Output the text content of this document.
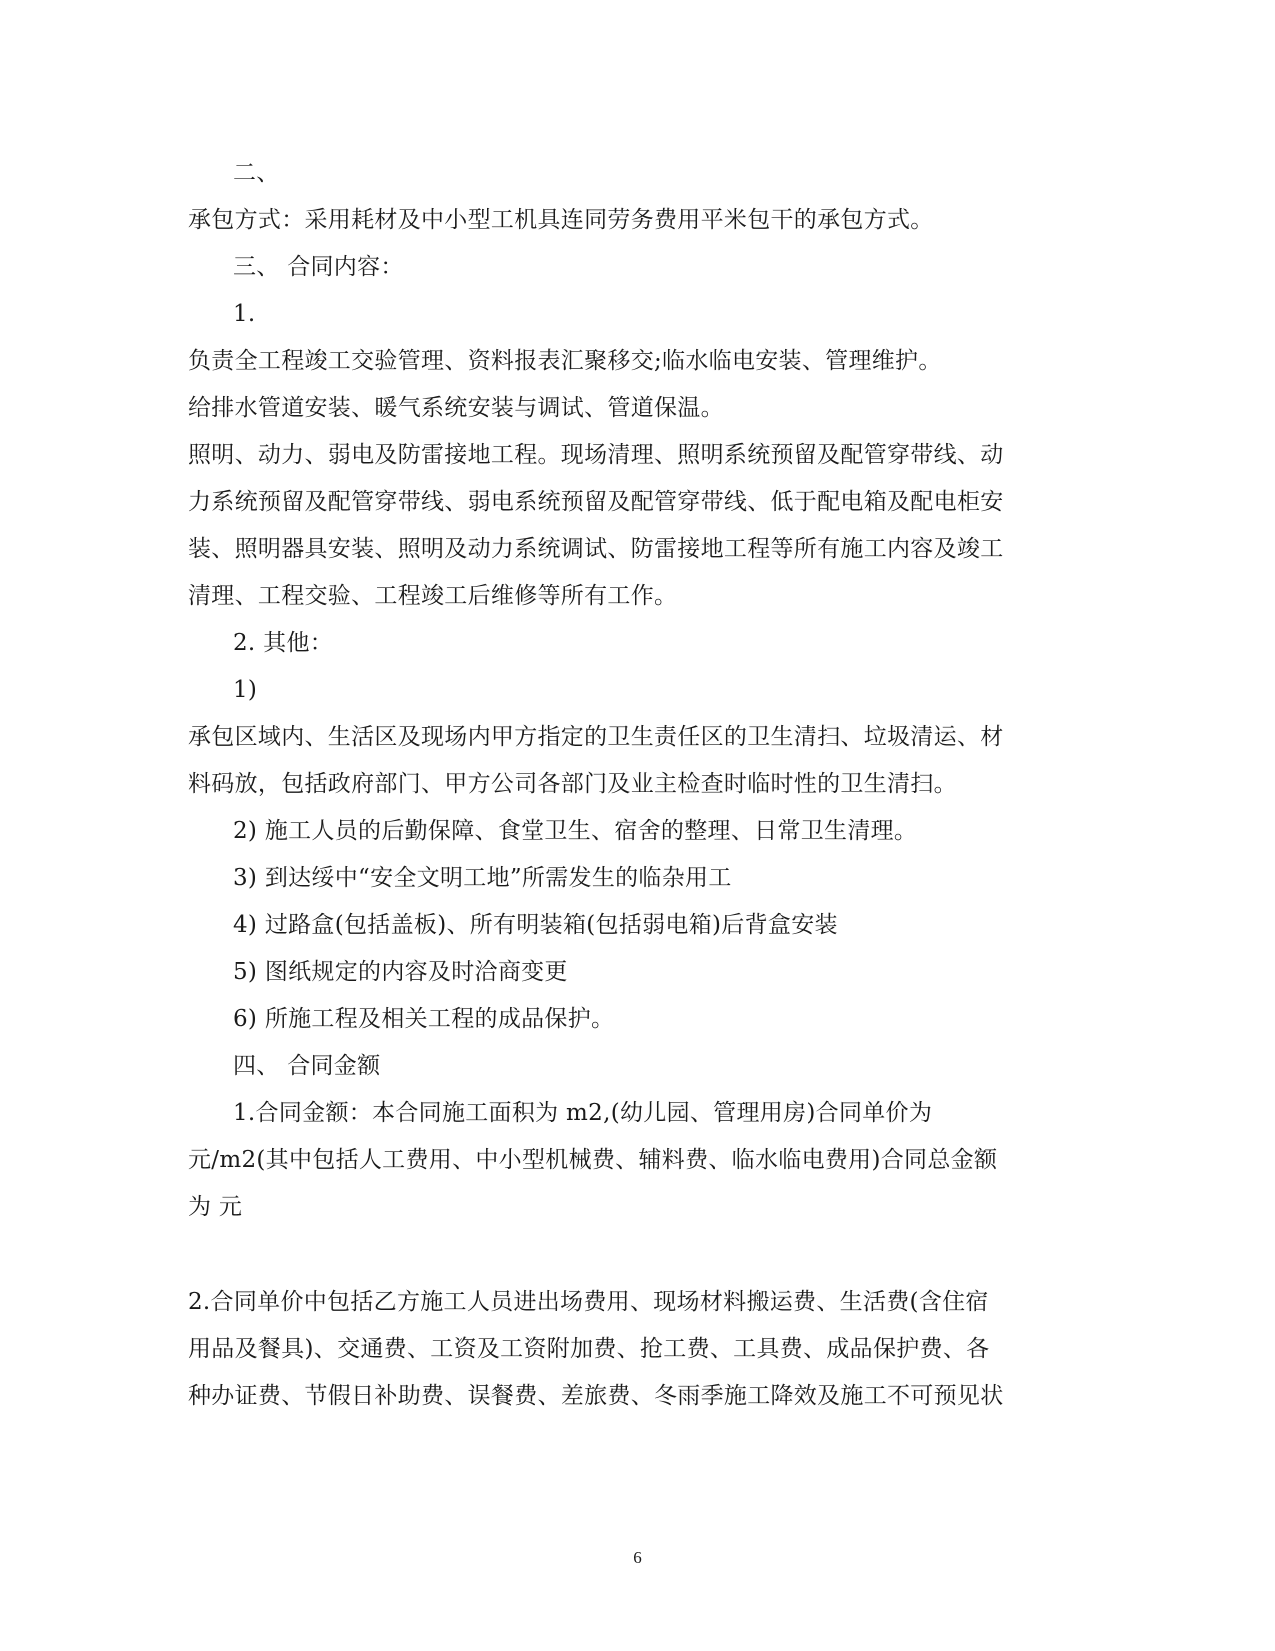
二、
承包方式：采用耗材及中小型工机具连同劳务费用平米包干的承包方式。
三、 合同内容：
1.
负责全工程竣工交验管理、资料报表汇聚移交;临水临电安装、管理维护。
给排水管道安装、暖气系统安装与调试、管道保温。
照明、动力、弱电及防雷接地工程。现场清理、照明系统预留及配管穿带线、动
力系统预留及配管穿带线、弱电系统预留及配管穿带线、低于配电箱及配电柜安
装、照明器具安装、照明及动力系统调试、防雷接地工程等所有施工内容及竣工
清理、工程交验、工程竣工后维修等所有工作。
2. 其他：
1)
承包区域内、生活区及现场内甲方指定的卫生责任区的卫生清扫、垃圾清运、材
料码放，包括政府部门、甲方公司各部门及业主检查时临时性的卫生清扫。
2) 施工人员的后勤保障、食堂卫生、宿舍的整理、日常卫生清理。
3) 到达绥中“安全文明工地”所需发生的临杂用工
4) 过路盒(包括盖板)、所有明装箱(包括弱电箱)后背盒安装
5) 图纸规定的内容及时洽商变更
6) 所施工程及相关工程的成品保护。
四、 合同金额
1.合同金额：本合同施工面积为 m2,(幼儿园、管理用房)合同单价为
元/m2(其中包括人工费用、中小型机械费、辅料费、临水临电费用)合同总金额
为 元
2.合同单价中包括乙方施工人员进出场费用、现场材料搬运费、生活费(含住宿
用品及餐具)、交通费、工资及工资附加费、抢工费、工具费、成品保护费、各
种办证费、节假日补助费、误餐费、差旅费、冬雨季施工降效及施工不可预见状
6
